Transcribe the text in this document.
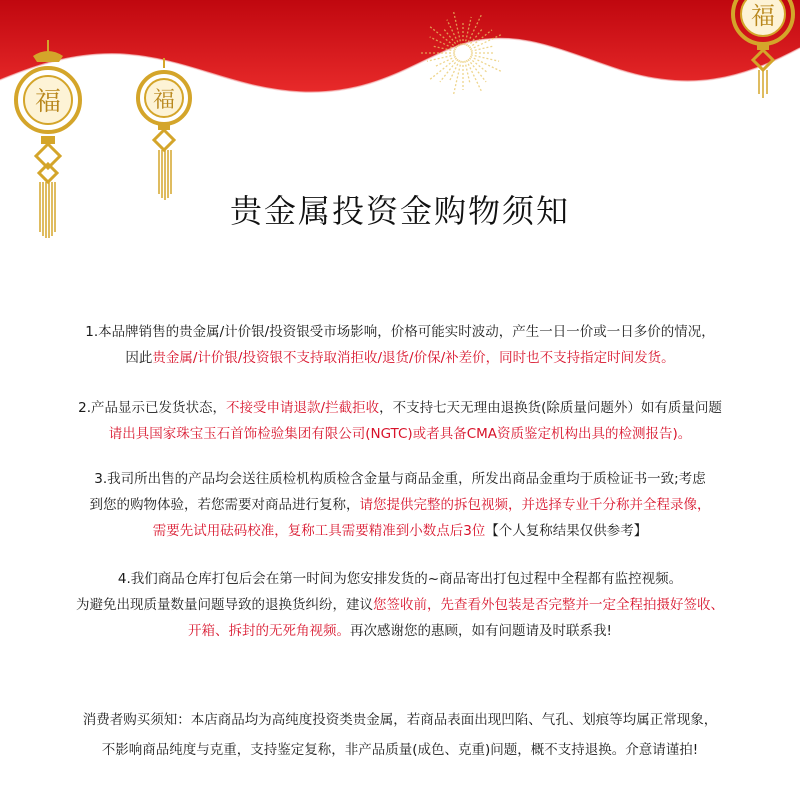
福	福
福
贵金属投资金购物须知

1.本品牌销售的贵金属/计价银/投资银受市场影响，价格可能实时波动，产生一日一价或一日多价的情况，

因此贵金属/计价银/投资银不支持取消拒收/退货/价保/补差价，同时也不支持指定时间发货。

2.产品显示已发货状态，不接受申请退款/拦截拒收，不支持七天无理由退换货(除质量问题外）如有质量问题

请出具国家珠宝玉石首饰检验集团有限公司(NGTC)或者具备CMA资质鉴定机构出具的检测报告)。

3.我司所出售的产品均会送往质检机构质检含金量与商品金重，所发出商品金重均于质检证书一致;考虑

到您的购物体验，若您需要对商品进行复称，请您提供完整的拆包视频，并选择专业千分称并全程录像，

需要先试用砝码校准，复称工具需要精准到小数点后3位【个人复称结果仅供参考】

4.我们商品仓库打包后会在第一时间为您安排发货的~商品寄出打包过程中全程都有监控视频。

为避免出现质量数量问题导致的退换货纠纷，建议您签收前，先查看外包装是否完整并一定全程拍摄好签收、

开箱、拆封的无死角视频。再次感谢您的惠顾，如有问题请及时联系我!

消费者购买须知：本店商品均为高纯度投资类贵金属，若商品表面出现凹陷、气孔、划痕等均属正常现象，

不影响商品纯度与克重，支持鉴定复称，非产品质量(成色、克重)问题，概不支持退换。介意请谨拍!
